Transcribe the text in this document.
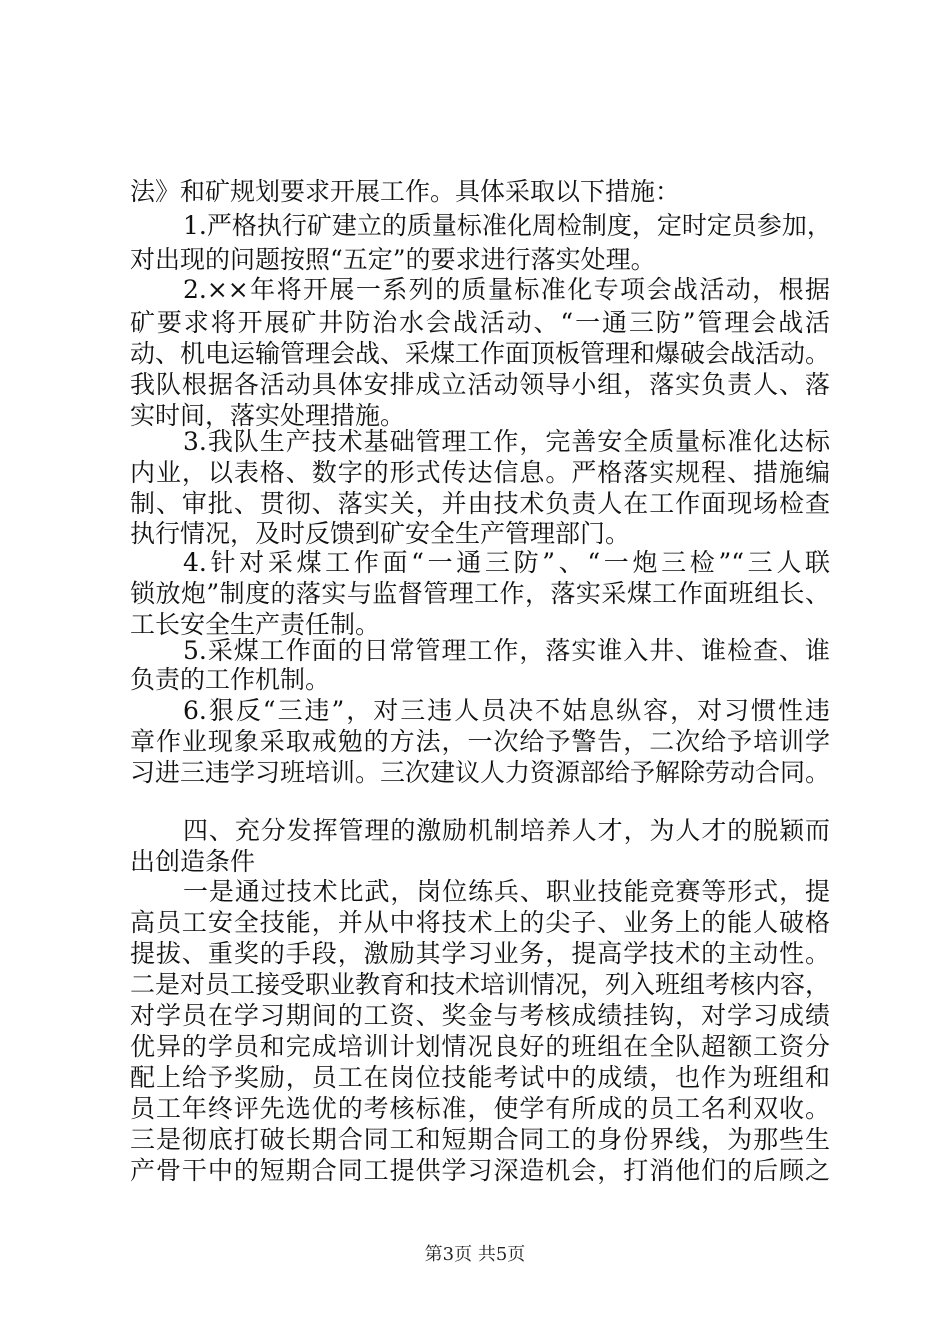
法》和矿规划要求开展工作。具体采取以下措施：
1.严格执行矿建立的质量标准化周检制度，定时定员参加，
对出现的问题按照“五定”的要求进行落实处理。
2.××年将开展一系列的质量标准化专项会战活动，根据
矿要求将开展矿井防治水会战活动、“一通三防”管理会战活
动、机电运输管理会战、采煤工作面顶板管理和爆破会战活动。
我队根据各活动具体安排成立活动领导小组，落实负责人、落
实时间，落实处理措施。
3.我队生产技术基础管理工作，完善安全质量标准化达标
内业，以表格、数字的形式传达信息。严格落实规程、措施编
制、审批、贯彻、落实关，并由技术负责人在工作面现场检查
执行情况，及时反馈到矿安全生产管理部门。
4.针对采煤工作面“一通三防”、“一炮三检”“三人联
锁放炮”制度的落实与监督管理工作，落实采煤工作面班组长、
工长安全生产责任制。
5.采煤工作面的日常管理工作，落实谁入井、谁检查、谁
负责的工作机制。
6.狠反“三违”，对三违人员决不姑息纵容，对习惯性违
章作业现象采取戒勉的方法，一次给予警告，二次给予培训学
习进三违学习班培训。三次建议人力资源部给予解除劳动合同。
四、充分发挥管理的激励机制培养人才，为人才的脱颖而
出创造条件
一是通过技术比武，岗位练兵、职业技能竞赛等形式，提
高员工安全技能，并从中将技术上的尖子、业务上的能人破格
提拔、重奖的手段，激励其学习业务，提高学技术的主动性。
二是对员工接受职业教育和技术培训情况，列入班组考核内容，
对学员在学习期间的工资、奖金与考核成绩挂钩，对学习成绩
优异的学员和完成培训计划情况良好的班组在全队超额工资分
配上给予奖励，员工在岗位技能考试中的成绩，也作为班组和
员工年终评先选优的考核标准，使学有所成的员工名利双收。
三是彻底打破长期合同工和短期合同工的身份界线，为那些生
产骨干中的短期合同工提供学习深造机会，打消他们的后顾之
第3页 共5页
